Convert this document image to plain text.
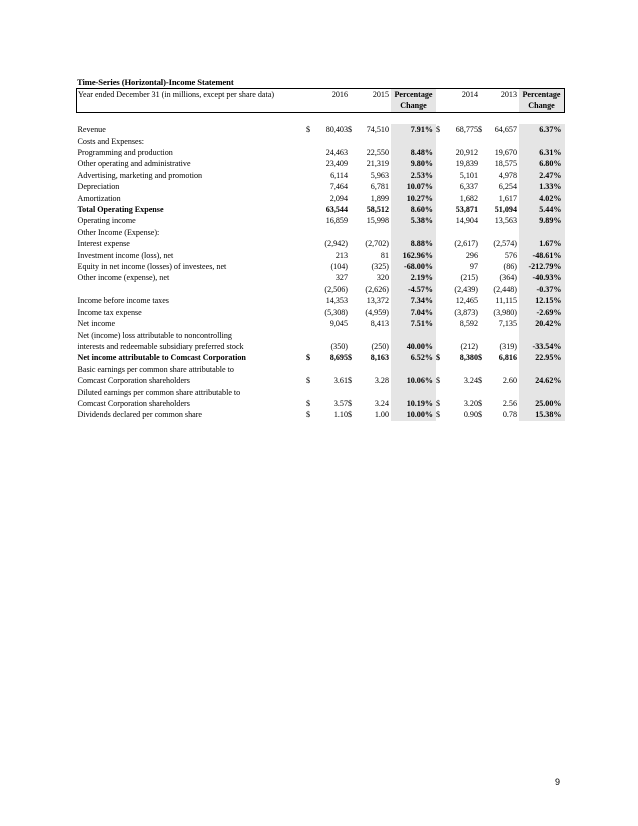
Time-Series (Horizontal)-Income Statement
Year ended December 31 (in millions, except per share data)		2016		2015	Percentage		2014		2013	Percentage
					Change					Change

Revenue	$	80,403	$	74,510	7.91%	$	68,775	$	64,657	6.37%
Costs and Expenses:										
Programming and production		24,463		22,550	8.48%		20,912		19,670	6.31%
Other operating and administrative		23,409		21,319	9.80%		19,839		18,575	6.80%
Advertising, marketing and promotion		6,114		5,963	2.53%		5,101		4,978	2.47%
Depreciation		7,464		6,781	10.07%		6,337		6,254	1.33%
Amortization		2,094		1,899	10.27%		1,682		1,617	4.02%
Total Operating Expense		63,544		58,512	8.60%		53,871		51,094	5.44%
Operating income		16,859		15,998	5.38%		14,904		13,563	9.89%
Other Income (Expense):										
Interest expense		(2,942)		(2,702)	8.88%		(2,617)		(2,574)	1.67%
Investment income (loss), net		213		81	162.96%		296		576	-48.61%
Equity in net income (losses) of investees, net		(104)		(325)	-68.00%		97		(86)	-212.79%
Other income (expense), net		327		320	2.19%		(215)		(364)	-40.93%
		(2,506)		(2,626)	-4.57%		(2,439)		(2,448)	-0.37%
Income before income taxes		14,353		13,372	7.34%		12,465		11,115	12.15%
Income tax expense		(5,308)		(4,959)	7.04%		(3,873)		(3,980)	-2.69%
Net income		9,045		8,413	7.51%		8,592		7,135	20.42%
Net (income) loss attributable to noncontrolling										
interests and redeemable subsidiary preferred stock		(350)		(250)	40.00%		(212)		(319)	-33.54%
Net income attributable to Comcast Corporation	$	8,695	$	8,163	6.52%	$	8,380	$	6,816	22.95%
Basic earnings per common share attributable to										
Comcast Corporation shareholders	$	3.61	$	3.28	10.06%	$	3.24	$	2.60	24.62%
Diluted earnings per common share attributable to										
Comcast Corporation shareholders	$	3.57	$	3.24	10.19%	$	3.20	$	2.56	25.00%
Dividends declared per common share	$	1.10	$	1.00	10.00%	$	0.90	$	0.78	15.38%
9
